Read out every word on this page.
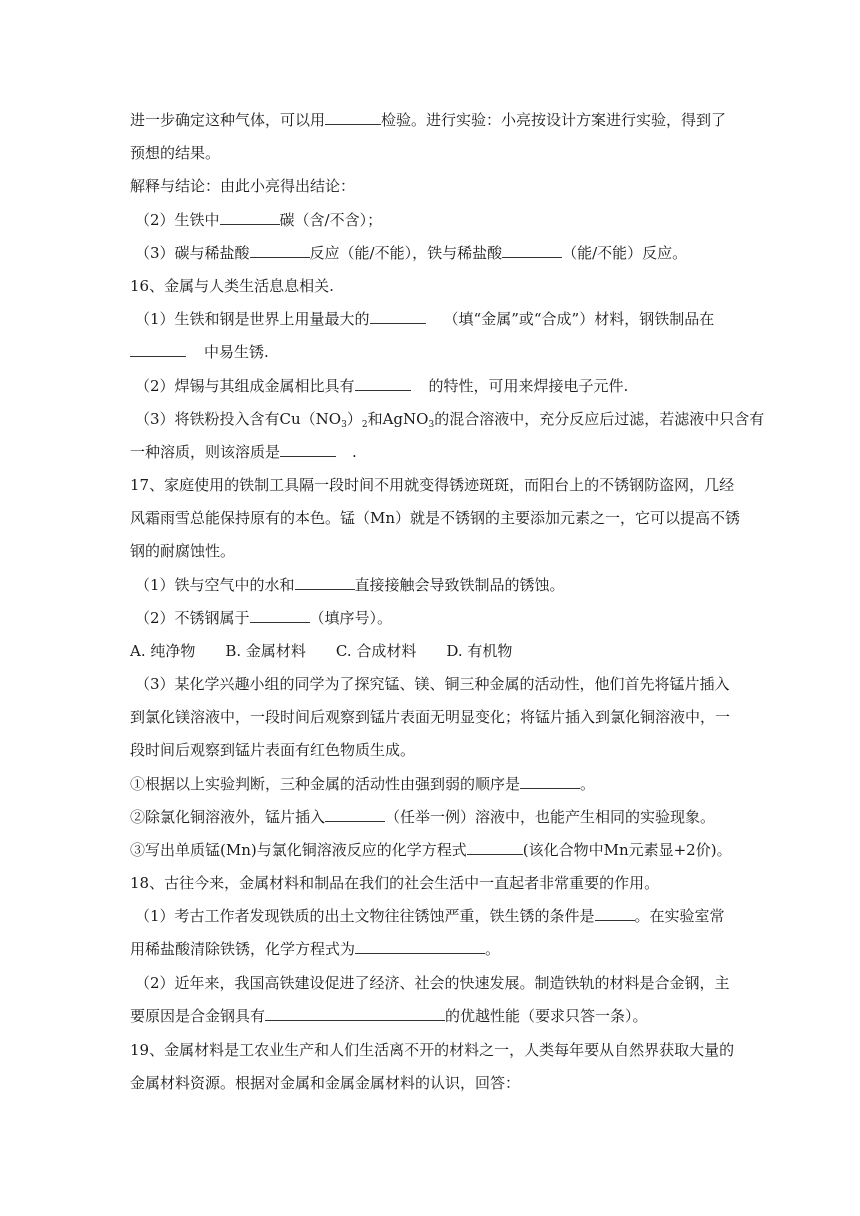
进一步确定这种气体，可以用	检验。进行实验：小亮按设计方案进行实验，得到了
预想的结果。
解释与结论：由此小亮得出结论：
（2）生铁中	碳（含/不含）；
（3）碳与稀盐酸	反应（能/不能），铁与稀盐酸	（能/不能）反应。
16、金属与人类生活息息相关.
（1）生铁和钢是世界上用量最大的	（填“金属”或“合成”）材料，钢铁制品在
中易生锈.
（2）焊锡与其组成金属相比具有	的特性，可用来焊接电子元件.
（3）将铁粉投入含有$Cu(NO_3)_2$和AgNO$_3$的混合溶液中，充分反应后过滤，若滤液中只含有
一种溶质，则该溶质是	.
17、家庭使用的铁制工具隔一段时间不用就变得锈迹斑斑，而阳台上的不锈钢防盗网，几经
风霜雨雪总能保持原有的本色。锰（Mn）就是不锈钢的主要添加元素之一，它可以提高不锈
钢的耐腐蚀性。
（1）铁与空气中的水和	直接接触会导致铁制品的锈蚀。
（2）不锈钢属于	（填序号）。
A. 纯净物　　B. 金属材料　　C. 合成材料　　D. 有机物
（3）某化学兴趣小组的同学为了探究锰、镁、铜三种金属的活动性，他们首先将锰片插入
到氯化镁溶液中，一段时间后观察到锰片表面无明显变化；将锰片插入到氯化铜溶液中，一
段时间后观察到锰片表面有红色物质生成。
①根据以上实验判断，三种金属的活动性由强到弱的顺序是	。
②除氯化铜溶液外，锰片插入	（任举一例）溶液中，也能产生相同的实验现象。
③写出单质锰(Mn)与氯化铜溶液反应的化学方程式	(该化合物中Mn元素显+2价)。
18、古往今来，金属材料和制品在我们的社会生活中一直起者非常重要的作用。
（1）考古工作者发现铁质的出土文物往往锈蚀严重，铁生锈的条件是	。在实验室常
用稀盐酸清除铁锈，化学方程式为	。
（2）近年来，我国高铁建设促进了经济、社会的快速发展。制造铁轨的材料是合金钢，主
要原因是合金钢具有	的优越性能（要求只答一条）。
19、金属材料是工农业生产和人们生活离不开的材料之一，人类每年要从自然界获取大量的
金属材料资源。根据对金属和金属金属材料的认识，回答：
